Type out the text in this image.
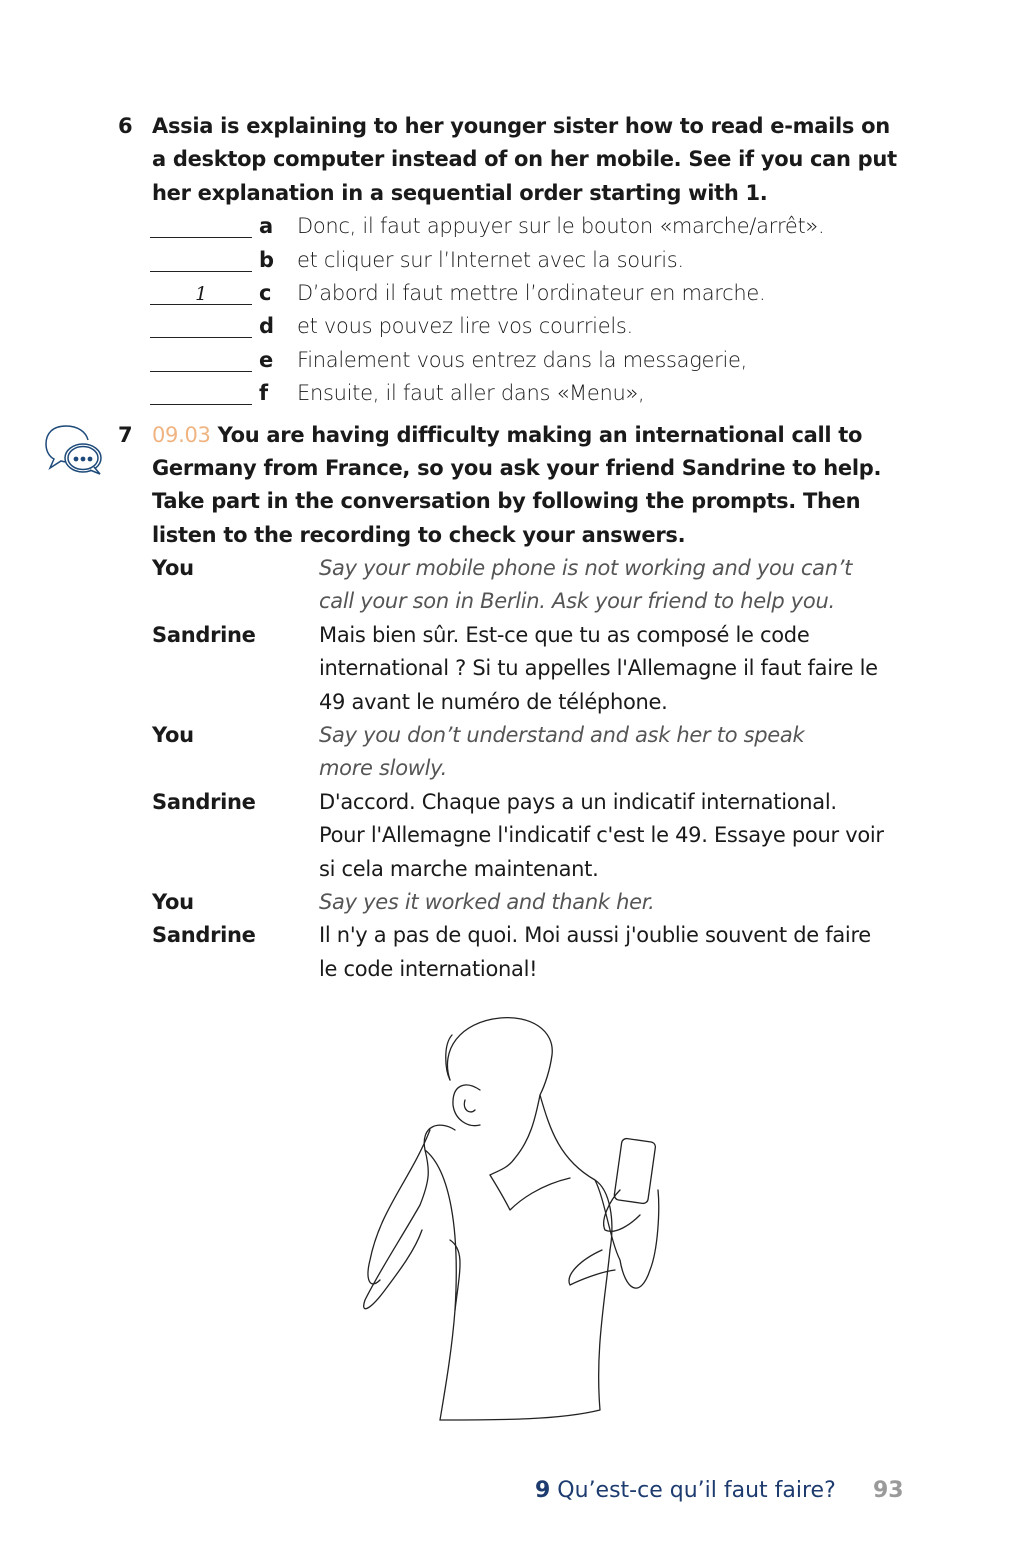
6 Assia is explaining to her younger sister how to read e-mails on
a desktop computer instead of on her mobile. See if you can put
her explanation in a sequential order starting with 1.
a Donc, il faut appuyer sur le bouton «marche/arrêt».
b et cliquer sur l’Internet avec la souris.
1	c D’abord il faut mettre l’ordinateur en marche.
d et vous pouvez lire vos courriels.
e Finalement vous entrez dans la messagerie,
f Ensuite, il faut aller dans «Menu»,
7 09.03 You are having difficulty making an international call to
Germany from France, so you ask your friend Sandrine to help.
Take part in the conversation by following the prompts. Then
listen to the recording to check your answers.
You	Say your mobile phone is not working and you can’t
call your son in Berlin. Ask your friend to help you.
Sandrine	Mais bien sûr. Est-ce que tu as composé le code
international ? Si tu appelles l'Allemagne il faut faire le
49 avant le numéro de téléphone.
You	Say you don’t understand and ask her to speak
more slowly.
Sandrine	D'accord. Chaque pays a un indicatif international.
Pour l'Allemagne l'indicatif c'est le 49. Essaye pour voir
si cela marche maintenant.
You	Say yes it worked and thank her.
Sandrine	Il n'y a pas de quoi. Moi aussi j'oublie souvent de faire
le code international!
9 Qu’est-ce qu’il faut faire? 93
